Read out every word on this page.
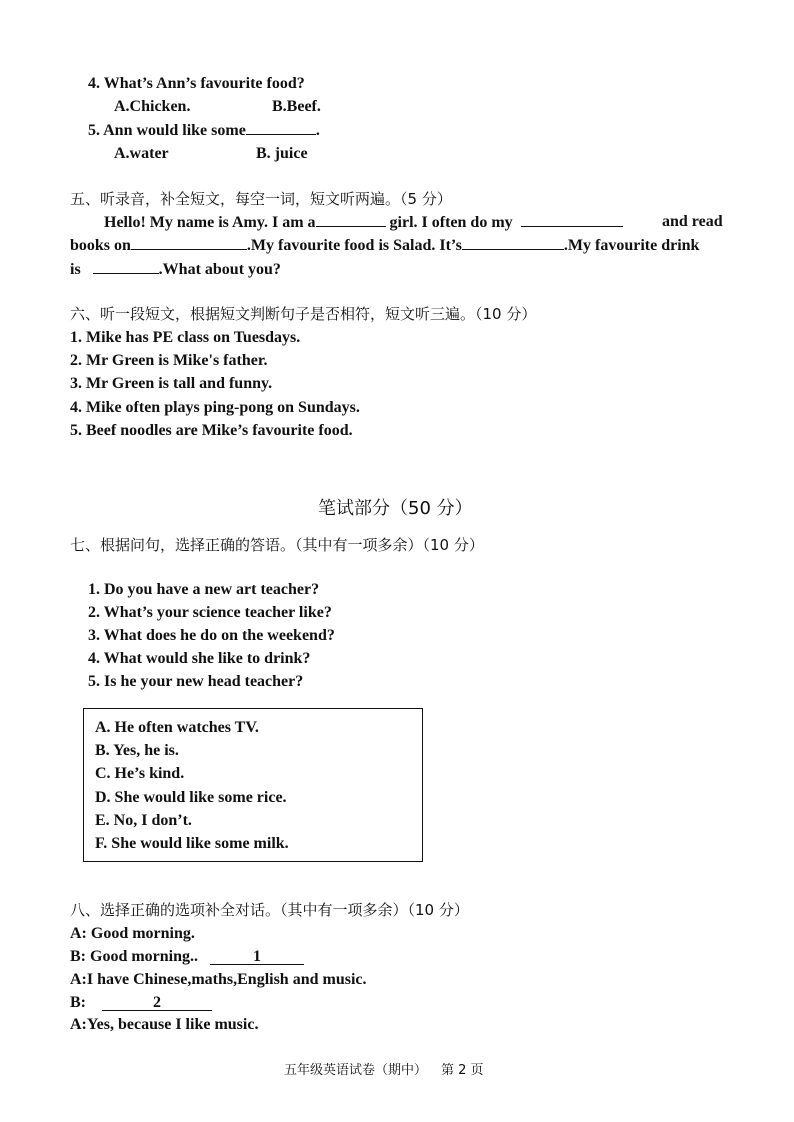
4. What’s Ann’s favourite food?
A.Chicken.	B.Beef.
5. Ann would like some	.
A.water	B. juice
五、听录音，补全短文，每空一词，短文听两遍。（5 分）
Hello! My name is Amy. I am a	girl. I often do my	and read
books on	.My favourite food is Salad. It’s	.My favourite drink
is	.What about you?
六、听一段短文，根据短文判断句子是否相符，短文听三遍。（10 分）
1. Mike has PE class on Tuesdays.
2. Mr Green is Mike's father.
3. Mr Green is tall and funny.
4. Mike often plays ping-pong on Sundays.
5. Beef noodles are Mike’s favourite food.
笔试部分（50 分）
七、根据问句，选择正确的答语。（其中有一项多余）（10 分）
1. Do you have a new art teacher?
2. What’s your science teacher like?
3. What does he do on the weekend?
4. What would she like to drink?
5. Is he your new head teacher?
A. He often watches TV.
B. Yes, he is.
C. He’s kind.
D. She would like some rice.
E. No, I don’t.
F. She would like some milk.
八、选择正确的选项补全对话。（其中有一项多余）（10 分）
A: Good morning.
B: Good morning..	1
A:I have Chinese,maths,English and music.
B:	2
A:Yes, because I like music.
五年级英语试卷（期中） 第 2 页
